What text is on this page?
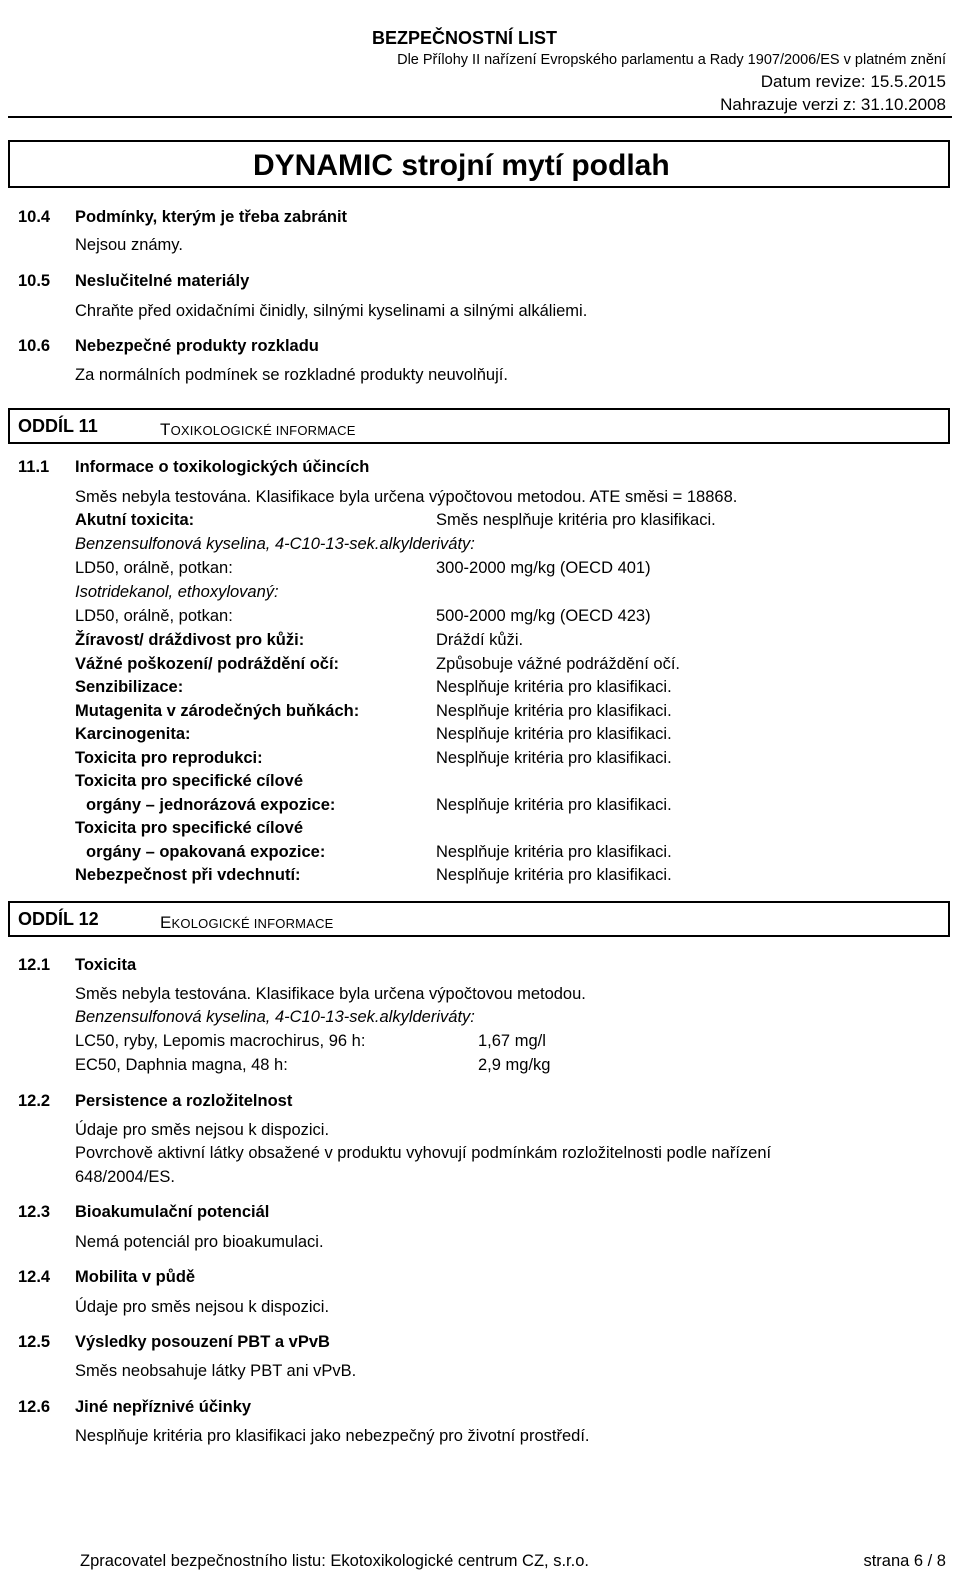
BEZPEČNOSTNÍ LIST
Dle Přílohy II nařízení Evropského parlamentu a Rady 1907/2006/ES v platném znění
Datum revize: 15.5.2015
Nahrazuje verzi z: 31.10.2008
DYNAMIC strojní mytí podlah
10.4 Podmínky, kterým je třeba zabránit
Nejsou známy.
10.5 Neslučitelné materiály
Chraňte před oxidačními činidly, silnými kyselinami a silnými alkáliemi.
10.6 Nebezpečné produkty rozkladu
Za normálních podmínek se rozkladné produkty neuvolňují.
ODDÍL 11	TOXIKOLOGICKÉ INFORMACE
11.1 Informace o toxikologických účincích
Směs nebyla testována. Klasifikace byla určena výpočtovou metodou. ATE směsi = 18868.
Akutní toxicita:	Směs nesplňuje kritéria pro klasifikaci.
Benzensulfonová kyselina, 4-C10-13-sek.alkylderiváty:
LD50, orálně, potkan:	300-2000 mg/kg (OECD 401)
Isotridekanol, ethoxylovaný:
LD50, orálně, potkan:	500-2000 mg/kg (OECD 423)
Žíravost/ dráždivost pro kůži:	Dráždí kůži.
Vážné poškození/ podráždění očí:	Způsobuje vážné podráždění očí.
Senzibilizace:	Nesplňuje kritéria pro klasifikaci.
Mutagenita v zárodečných buňkách:	Nesplňuje kritéria pro klasifikaci.
Karcinogenita:	Nesplňuje kritéria pro klasifikaci.
Toxicita pro reprodukci:	Nesplňuje kritéria pro klasifikaci.
Toxicita pro specifické cílové
orgány – jednorázová expozice:	Nesplňuje kritéria pro klasifikaci.
Toxicita pro specifické cílové
orgány – opakovaná expozice:	Nesplňuje kritéria pro klasifikaci.
Nebezpečnost při vdechnutí:	Nesplňuje kritéria pro klasifikaci.
ODDÍL 12	EKOLOGICKÉ INFORMACE
12.1 Toxicita
Směs nebyla testována. Klasifikace byla určena výpočtovou metodou.
Benzensulfonová kyselina, 4-C10-13-sek.alkylderiváty:
LC50, ryby, Lepomis macrochirus, 96 h:	1,67 mg/l
EC50, Daphnia magna, 48 h:	2,9 mg/kg
12.2 Persistence a rozložitelnost
Údaje pro směs nejsou k dispozici.
Povrchově aktivní látky obsažené v produktu vyhovují podmínkám rozložitelnosti podle nařízení
648/2004/ES.
12.3 Bioakumulační potenciál
Nemá potenciál pro bioakumulaci.
12.4 Mobilita v půdě
Údaje pro směs nejsou k dispozici.
12.5 Výsledky posouzení PBT a vPvB
Směs neobsahuje látky PBT ani vPvB.
12.6 Jiné nepříznivé účinky
Nesplňuje kritéria pro klasifikaci jako nebezpečný pro životní prostředí.
Zpracovatel bezpečnostního listu: Ekotoxikologické centrum CZ, s.r.o.	strana 6 / 8
